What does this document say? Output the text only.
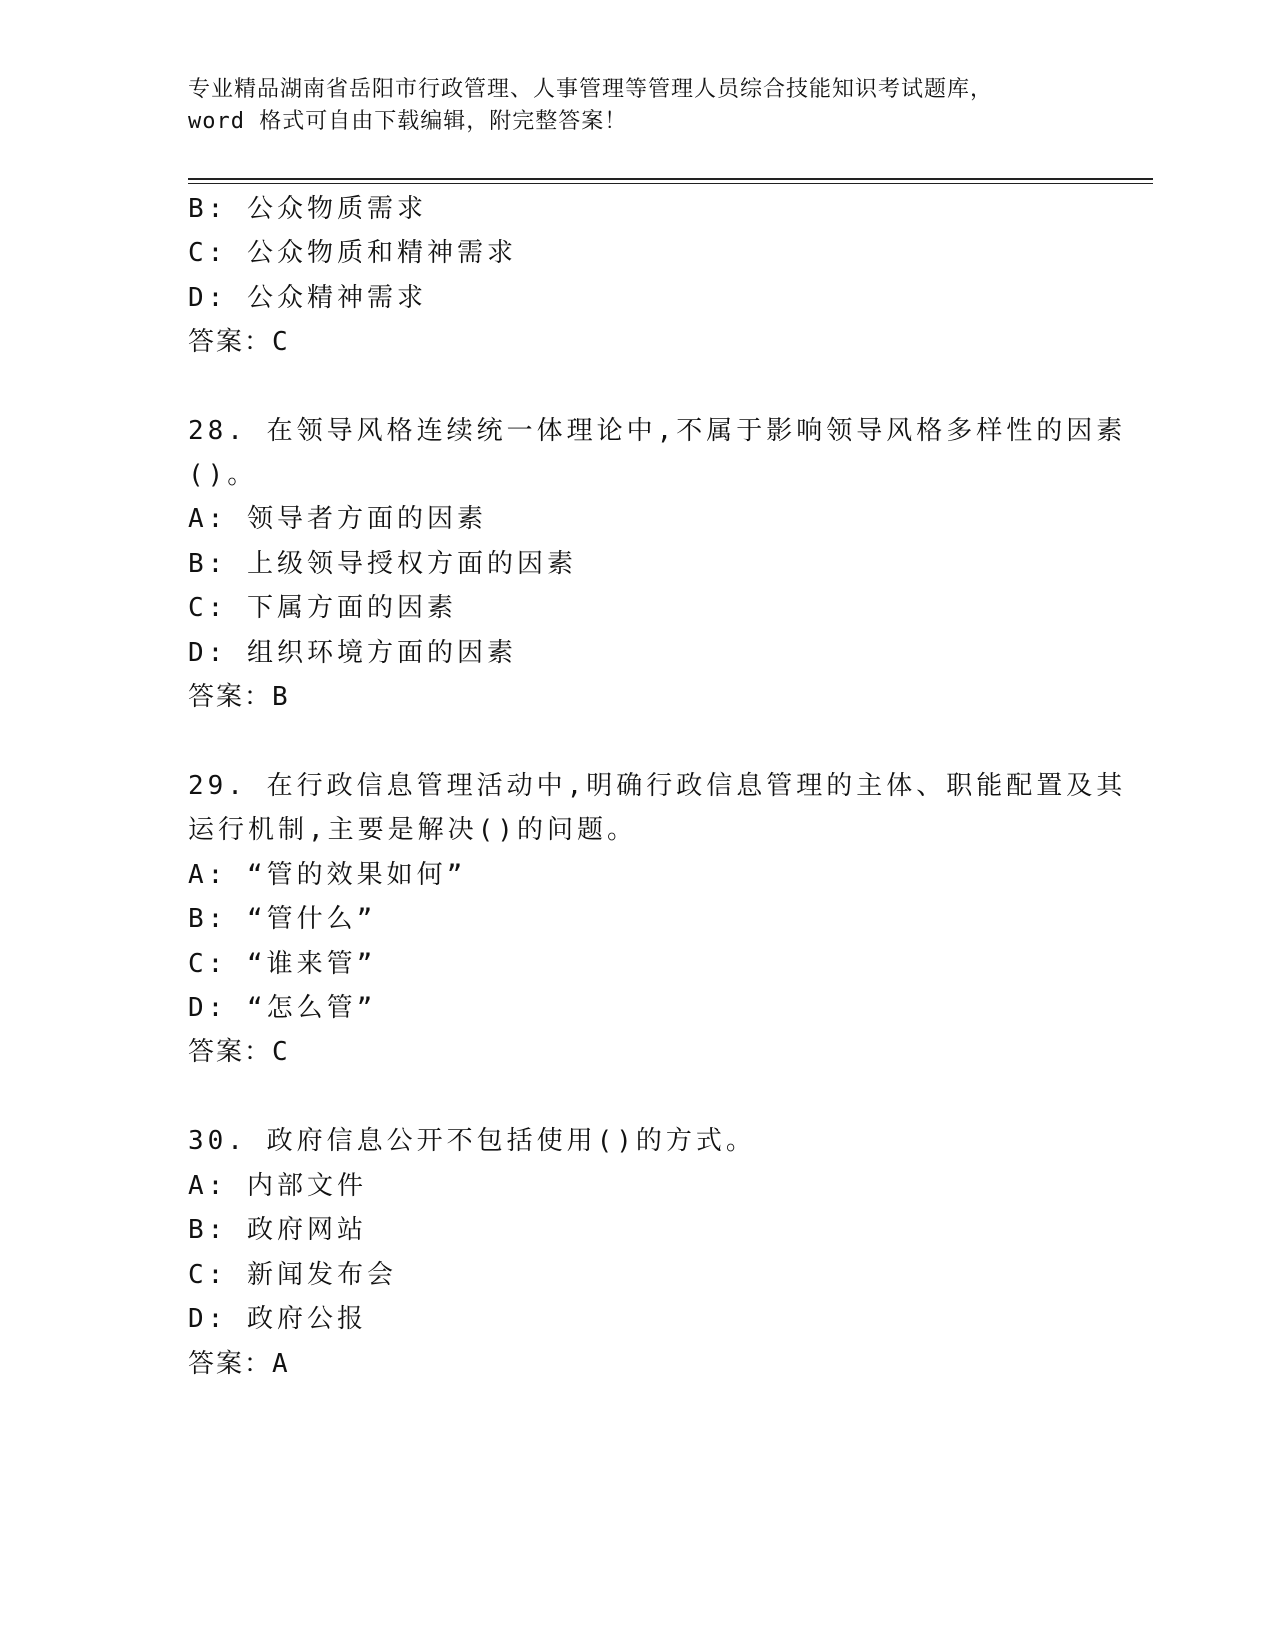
专业精品湖南省岳阳市行政管理、人事管理等管理人员综合技能知识考试题库，
word 格式可自由下载编辑，附完整答案！
B: 公众物质需求
C: 公众物质和精神需求
D: 公众精神需求
答案：C
28. 在领导风格连续统一体理论中,不属于影响领导风格多样性的因素
()。
A: 领导者方面的因素
B: 上级领导授权方面的因素
C: 下属方面的因素
D: 组织环境方面的因素
答案：B
29. 在行政信息管理活动中,明确行政信息管理的主体、职能配置及其
运行机制,主要是解决()的问题。
A: “管的效果如何”
B: “管什么”
C: “谁来管”
D: “怎么管”
答案：C
30. 政府信息公开不包括使用()的方式。
A: 内部文件
B: 政府网站
C: 新闻发布会
D: 政府公报
答案：A
